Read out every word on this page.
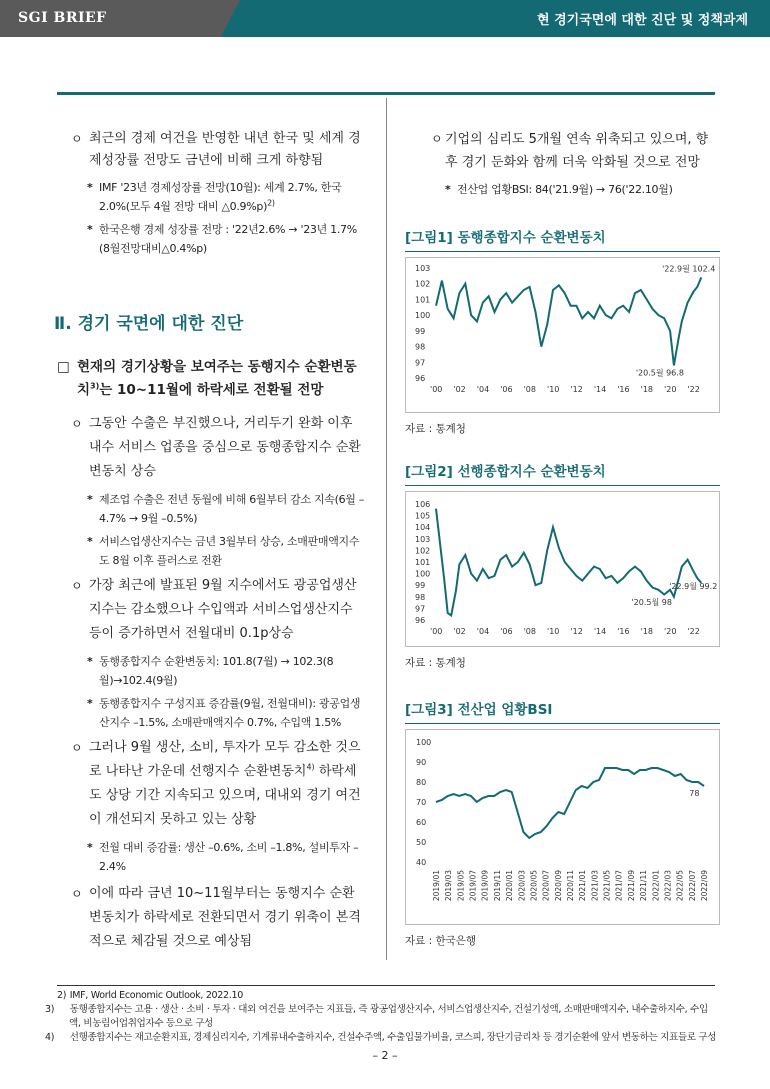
SGI BRIEF	현 경기국면에 대한 진단 및 정책과제
ㅇ 최근의 경제 여건을 반영한 내년 한국 및 세계 경제성장률 전망도 금년에 비해 크게 하향됨
* IMF '23년 경제성장률 전망(10월): 세계 2.7%, 한국 2.0%(모두 4월 전망 대비 △0.9%p)$^{2)}$
* 한국은행 경제 성장률 전망 : '22년2.6% → '23년 1.7%(8월전망대비△0.4%p)
Ⅱ. 경기 국면에 대한 진단
□ 현재의 경기상황을 보여주는 동행지수 순환변동치$^{3)}$는 10~11월에 하락세로 전환될 전망
ㅇ 그동안 수출은 부진했으나, 거리두기 완화 이후 내수 서비스 업종을 중심으로 동행종합지수 순환변동치 상승
* 제조업 수출은 전년 동월에 비해 6월부터 감소 지속(6월 –4.7% → 9월 –0.5%)
* 서비스업생산지수는 금년 3월부터 상승, 소매판매액지수도 8월 이후 플러스로 전환
ㅇ 가장 최근에 발표된 9월 지수에서도 광공업생산지수는 감소했으나 수입액과 서비스업생산지수 등이 증가하면서 전월대비 0.1p상승
* 동행종합지수 순환변동치: 101.8(7월) → 102.3(8월)→102.4(9월)
* 동행종합지수 구성지표 증감률(9월, 전월대비): 광공업생산지수 –1.5%, 소매판매액지수 0.7%, 수입액 1.5%
ㅇ 그러나 9월 생산, 소비, 투자가 모두 감소한 것으로 나타난 가운데 선행지수 순환변동치$^{4)}$ 하락세도 상당 기간 지속되고 있으며, 대내외 경기 여건이 개선되지 못하고 있는 상황
* 전월 대비 증감률: 생산 –0.6%, 소비 –1.8%, 설비투자 –2.4%
ㅇ 이에 따라 금년 10~11월부터는 동행지수 순환변동치가 하락세로 전환되면서 경기 위축이 본격적으로 체감될 것으로 예상됨
ㅇ 기업의 심리도 5개월 연속 위축되고 있으며, 향후 경기 둔화와 함께 더욱 악화될 것으로 전망
* 전산업 업황BSI: 84('21.9월) → 76('22.10월)
[그림1] 동행종합지수 순환변동치
96
97
98
99
100
101
102
103
'00 '02 '04 '06 '08 '10 '12 '14 '16 '18 '20 '22
'22.9월 102.4
'20.5월 96.8
자료 : 통계청
[그림2] 선행종합지수 순환변동치
96
97
98
99
100
101
102
103
104
105
106
'00 '02 '04 '06 '08 '10 '12 '14 '16 '18 '20 '22
'22.9월 99.2
'20.5월 98
자료 : 통계청
[그림3] 전산업 업황BSI
40
50
60
70
80
90
100
2019/01 2019/03 2019/05 2019/07 2019/09 2019/11 2020/01 2020/03 2020/05 2020/07 2020/09 2020/11 2021/01 2021/03 2021/05 2021/07 2021/09 2021/11 2022/01 2022/03 2022/05 2022/07 2022/09
78
자료 : 한국은행
2) IMF, World Economic Outlook, 2022.10
3) 동행종합지수는 고용 · 생산 · 소비 · 투자 · 대외 여건을 보여주는 지표들, 즉 광공업생산지수, 서비스업생산지수, 건설기성액, 소매판매액지수, 내수출하지수, 수입액, 비농림어업취업자수 등으로 구성
4) 선행종합지수는 재고순환지표, 경제심리지수, 기계류내수출하지수, 건설수주액, 수출입물가비율, 코스피, 장단기금리차 등 경기순환에 앞서 변동하는 지표들로 구성
– 2 –
